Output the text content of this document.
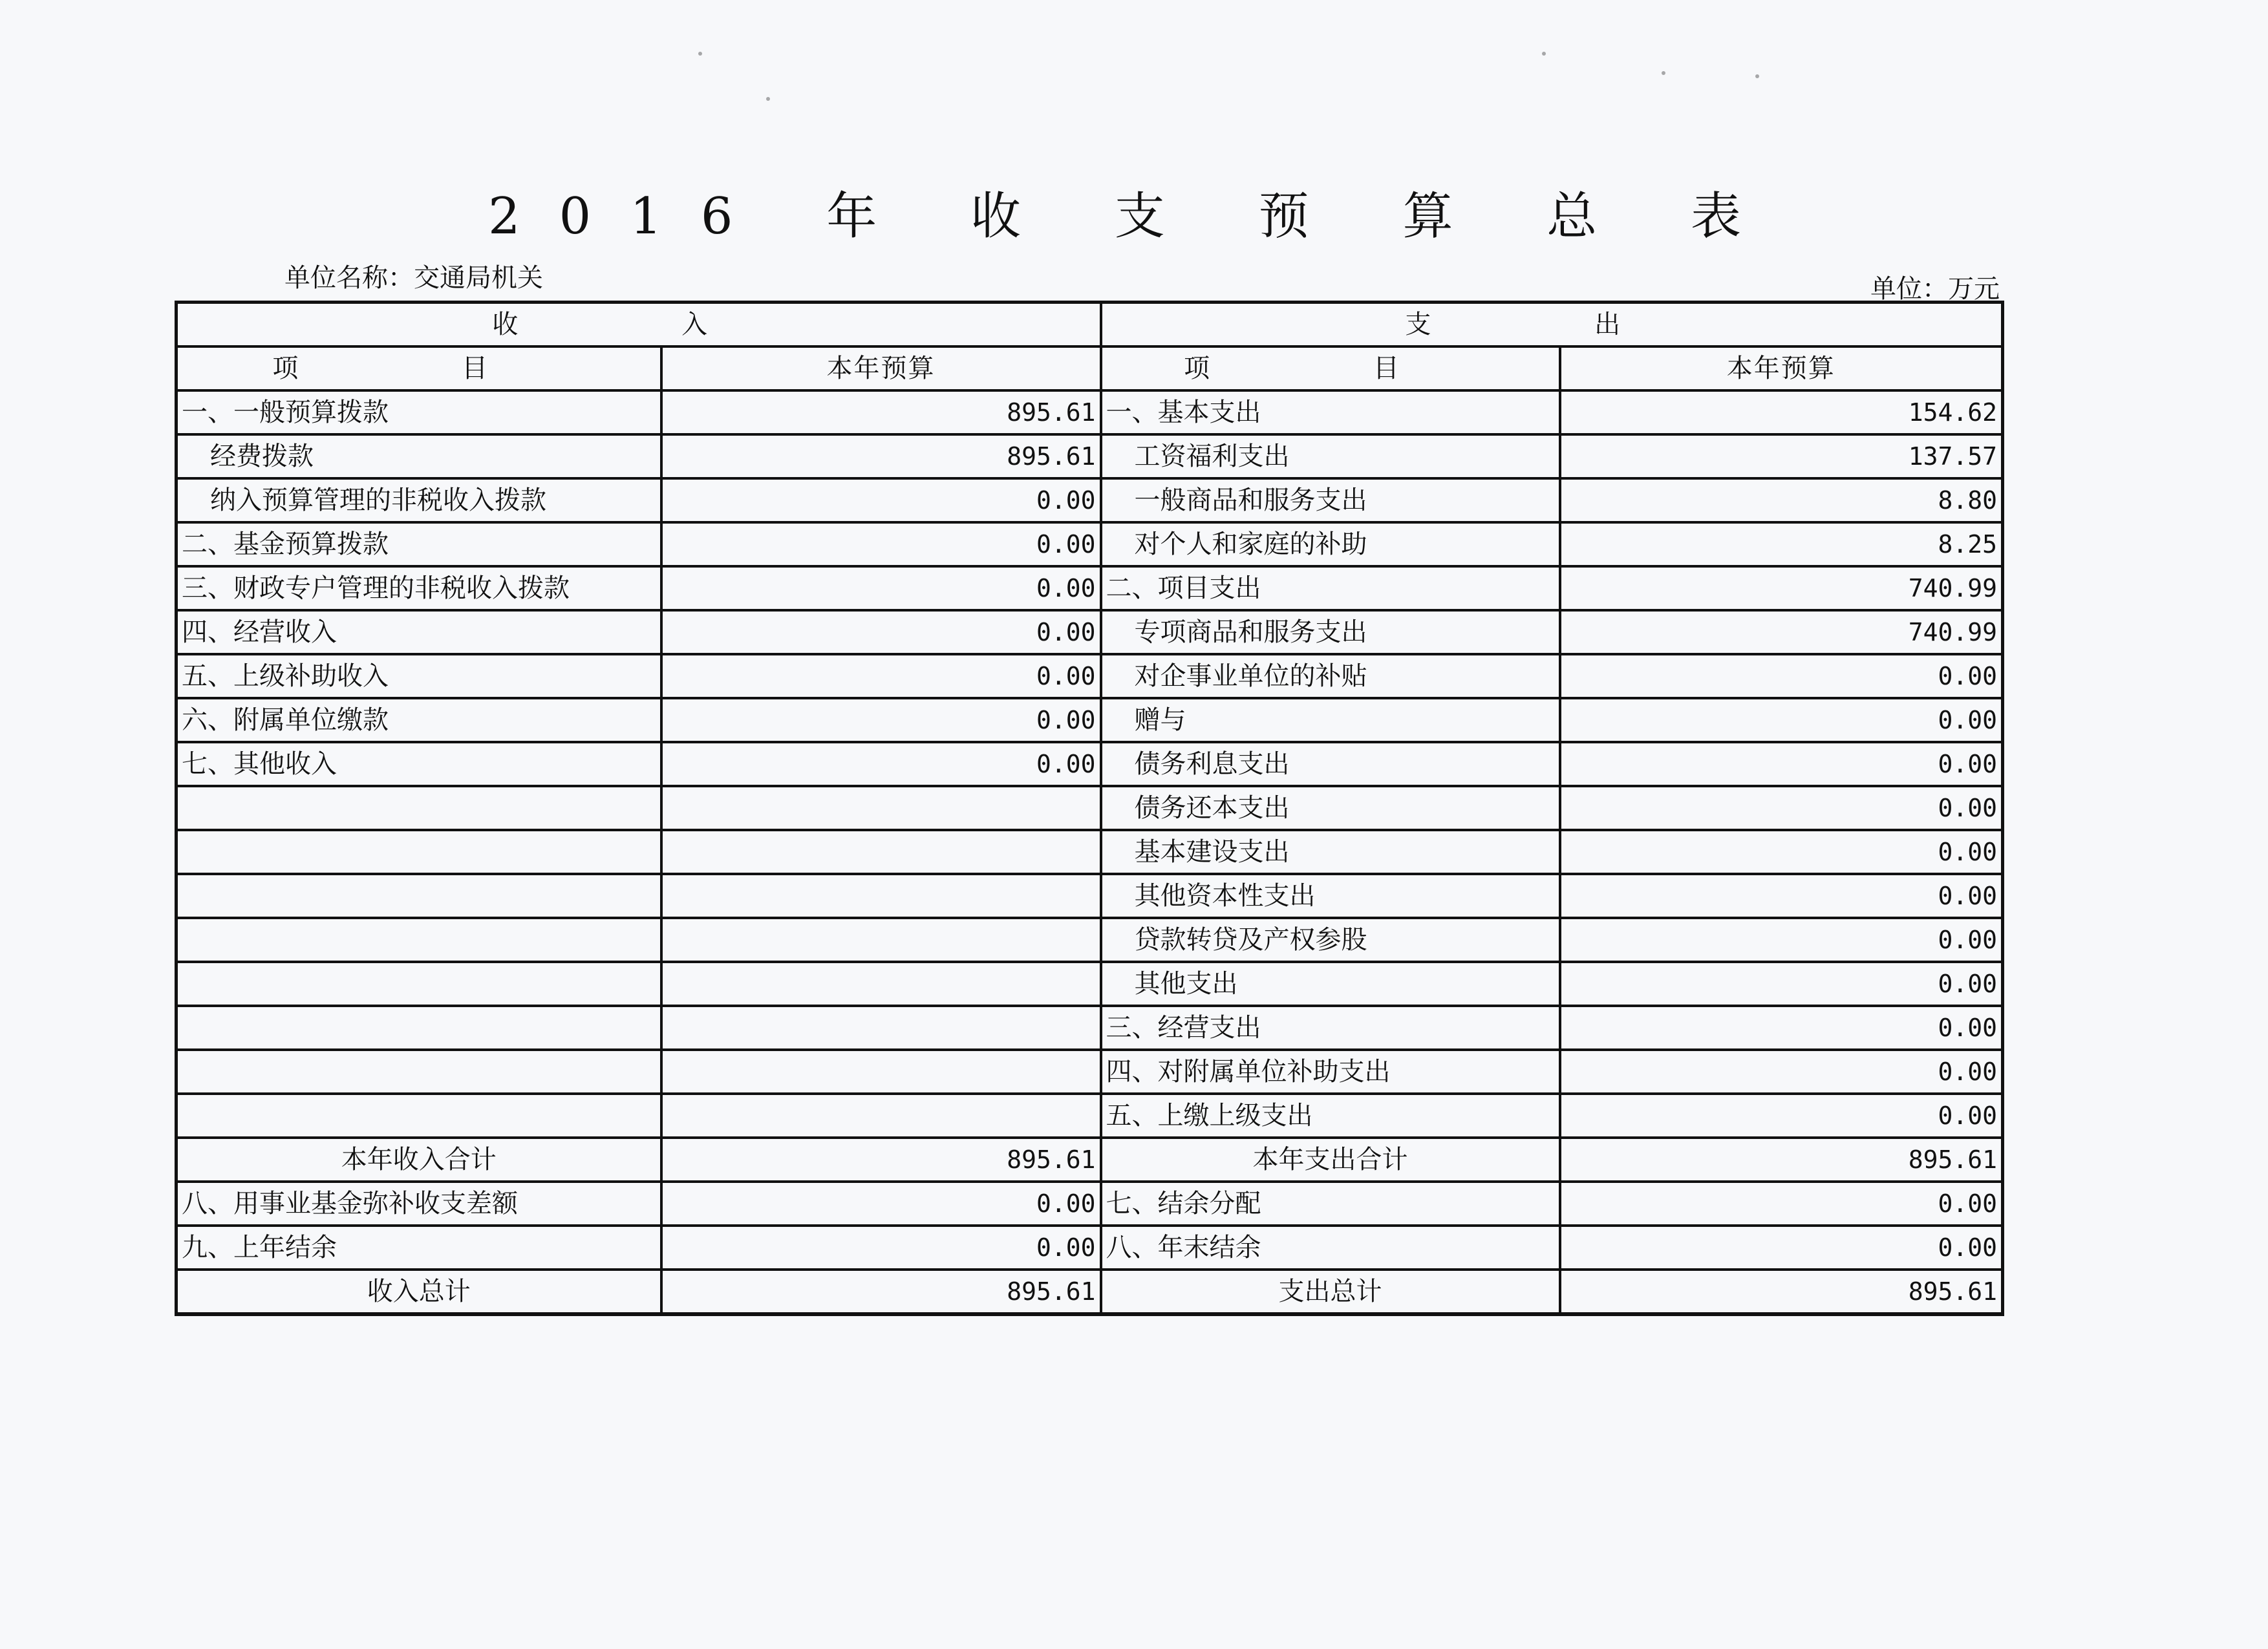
2016 年 收 支 预 算 总 表
单位名称：交通局机关	单位：万元
收 入		支 出	
项 目	本年预算	项 目	本年预算
一、一般预算拨款	895.61	一、基本支出	154.62
经费拨款	895.61	工资福利支出	137.57
纳入预算管理的非税收入拨款	0.00	一般商品和服务支出	8.80
二、基金预算拨款	0.00	对个人和家庭的补助	8.25
三、财政专户管理的非税收入拨款	0.00	二、项目支出	740.99
四、经营收入	0.00	专项商品和服务支出	740.99
五、上级补助收入	0.00	对企事业单位的补贴	0.00
六、附属单位缴款	0.00	赠与	0.00
七、其他收入	0.00	债务利息支出	0.00
		债务还本支出	0.00
		基本建设支出	0.00
		其他资本性支出	0.00
		贷款转贷及产权参股	0.00
		其他支出	0.00
		三、经营支出	0.00
		四、对附属单位补助支出	0.00
		五、上缴上级支出	0.00
本年收入合计	895.61	本年支出合计	895.61
八、用事业基金弥补收支差额	0.00	七、结余分配	0.00
九、上年结余	0.00	八、年末结余	0.00
收入总计	895.61	支出总计	895.61
